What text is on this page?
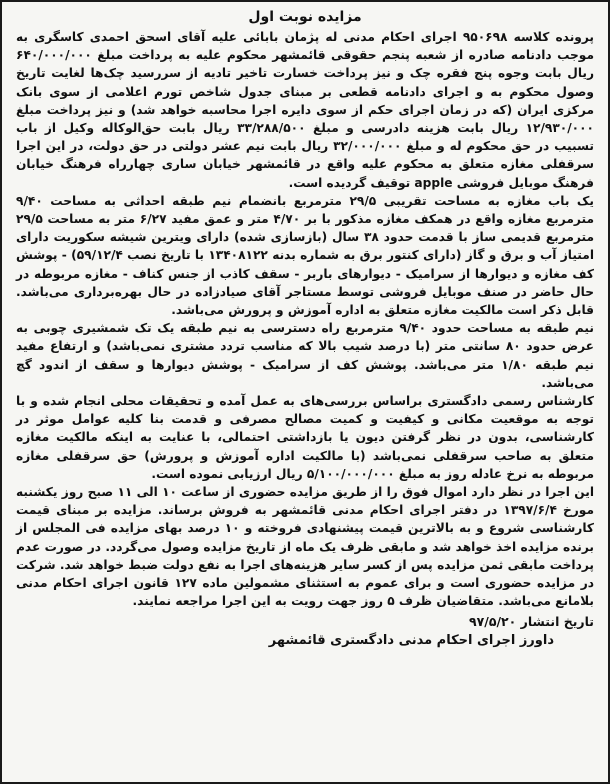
مزایده نوبت اول

پرونده کلاسه ۹۵۰۶۹۸ اجرای احکام مدنی له پژمان بابائی علیه آقای اسحق احمدی کاسگری به موجب دادنامه صادره از شعبه پنجم حقوقی قائمشهر محکوم علیه به پرداخت مبلغ ۶۴۰/۰۰۰/۰۰۰ ریال بابت وجوه پنج فقره چک و نیز پرداخت خسارت تاخیر تادیه از سررسید چک‌ها لغایت تاریخ وصول محکوم به و اجرای دادنامه قطعی بر مبنای جدول شاخص تورم اعلامی از سوی بانک مرکزی ایران (که در زمان اجرای حکم از سوی دایره اجرا محاسبه خواهد شد) و نیز پرداخت مبلغ ۱۲/۹۳۰/۰۰۰ ریال بابت هزینه دادرسی و مبلغ ۳۳/۲۸۸/۵۰۰ ریال بابت حق‌الوکاله وکیل از باب تسبیب در حق محکوم له و مبلغ ۳۲/۰۰۰/۰۰۰ ریال بابت نیم عشر دولتی در حق دولت، در این اجرا سرقفلی مغازه متعلق به محکوم علیه واقع در قائمشهر خیابان ساری چهارراه فرهنگ خیابان فرهنگ موبایل فروشی apple توقیف گردیده است.

یک باب مغازه به مساحت تقریبی ۲۹/۵ مترمربع بانضمام نیم طبقه احداثی به مساحت ۹/۴۰ مترمربع مغازه واقع در همکف مغازه مذکور با بر ۴/۷۰ متر و عمق مفید ۶/۲۷ متر به مساحت ۲۹/۵ مترمربع قدیمی ساز با قدمت حدود ۳۸ سال (بازسازی شده) دارای ویترین شیشه سکوریت دارای امتیاز آب و برق و گاز (دارای کنتور برق به شماره بدنه ۱۳۴۰۸۱۲۲ با تاریخ نصب ۵۹/۱۲/۴) - پوشش کف مغازه و دیوارها از سرامیک - دیوارهای باربر - سقف کاذب از جنس کناف - مغازه مربوطه در حال حاضر در صنف موبایل فروشی توسط مستاجر آقای صیادزاده در حال بهره‌برداری می‌باشد. قابل ذکر است مالکیت مغازه متعلق به اداره آموزش و پرورش می‌باشد.

نیم طبقه به مساحت حدود ۹/۴۰ مترمربع راه دسترسی به نیم طبقه یک تک شمشیری چوبی به عرض حدود ۸۰ سانتی متر (با درصد شیب بالا که مناسب تردد مشتری نمی‌باشد) و ارتفاع مفید نیم طبقه ۱/۸۰ متر می‌باشد. پوشش کف از سرامیک - پوشش دیوارها و سقف از اندود گچ می‌باشد.

کارشناس رسمی دادگستری براساس بررسی‌های به عمل آمده و تحقیقات محلی انجام شده و با توجه به موقعیت مکانی و کیفیت و کمیت مصالح مصرفی و قدمت بنا کلیه عوامل موثر در کارشناسی، بدون در نظر گرفتن دیون یا بازداشتی احتمالی، با عنایت به اینکه مالکیت مغازه متعلق به صاحب سرقفلی نمی‌باشد (با مالکیت اداره آموزش و پرورش) حق سرقفلی مغازه مربوطه به نرخ عادله روز به مبلغ ۵/۱۰۰/۰۰۰/۰۰۰ ریال ارزیابی نموده است.

این اجرا در نظر دارد اموال فوق را از طریق مزایده حضوری از ساعت ۱۰ الی ۱۱ صبح روز یکشنبه مورخ ۱۳۹۷/۶/۴ در دفتر اجرای احکام مدنی قائمشهر به فروش برساند. مزایده بر مبنای قیمت کارشناسی شروع و به بالاترین قیمت پیشنهادی فروخته و ۱۰ درصد بهای مزایده فی المجلس از برنده مزایده اخذ خواهد شد و مابقی ظرف یک ماه از تاریخ مزایده وصول می‌گردد. در صورت عدم پرداخت مابقی ثمن مزایده پس از کسر سایر هزینه‌های اجرا به نفع دولت ضبط خواهد شد. شرکت در مزایده حضوری است و برای عموم به استثنای مشمولین ماده ۱۲۷ قانون اجرای احکام مدنی بلامانع می‌باشد. متقاضیان ظرف ۵ روز جهت رویت به این اجرا مراجعه نمایند.

تاریخ انتشار ۹۷/۵/۲۰
داورز اجرای احکام مدنی دادگستری قائمشهر
